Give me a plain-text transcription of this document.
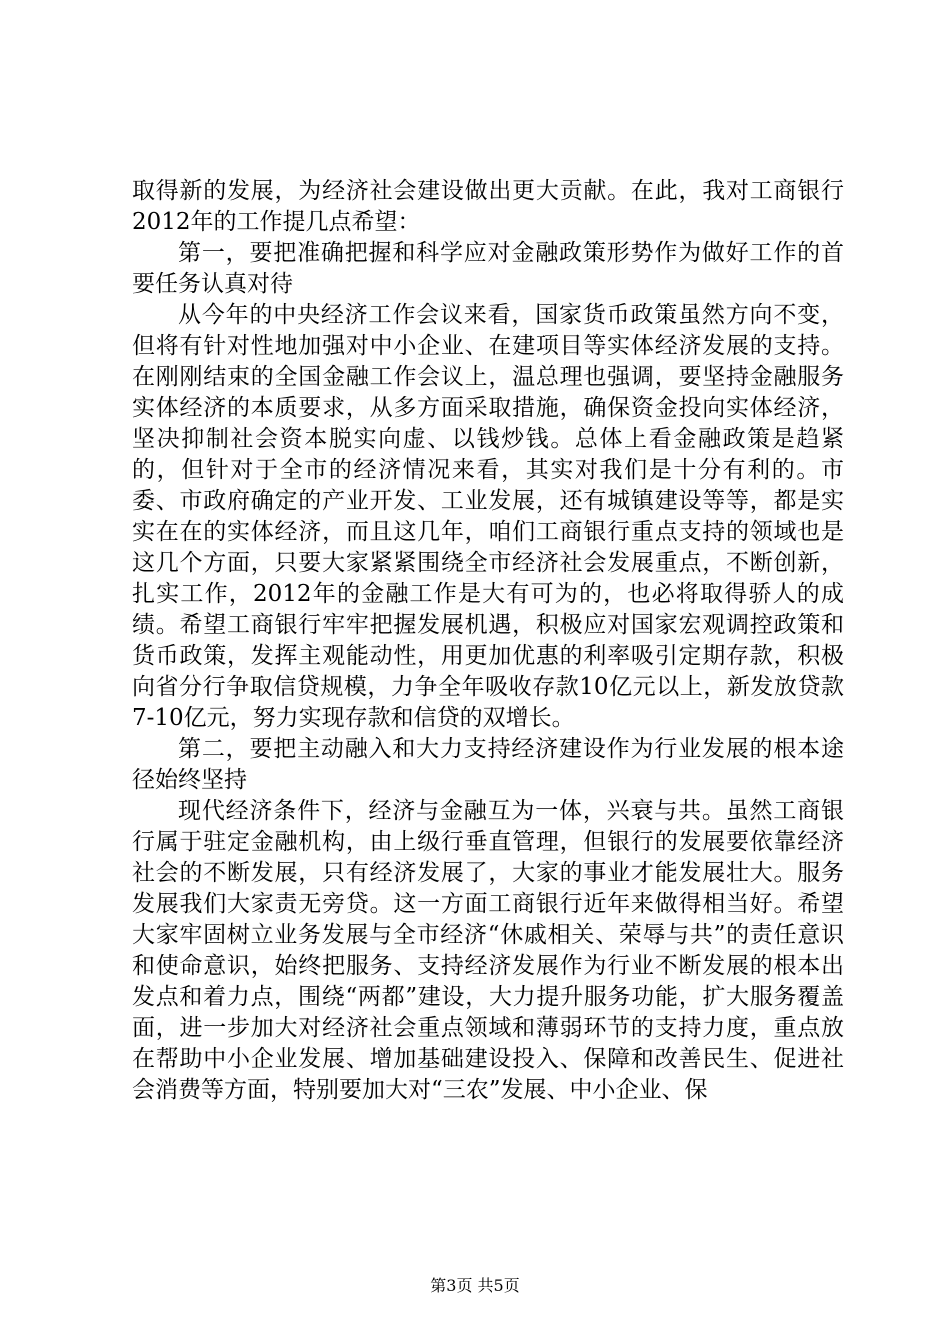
取得新的发展，为经济社会建设做出更大贡献。在此，我对工商银行2012年的工作提几点希望：

第一，要把准确把握和科学应对金融政策形势作为做好工作的首要任务认真对待

从今年的中央经济工作会议来看，国家货币政策虽然方向不变，但将有针对性地加强对中小企业、在建项目等实体经济发展的支持。在刚刚结束的全国金融工作会议上，温总理也强调，要坚持金融服务实体经济的本质要求，从多方面采取措施，确保资金投向实体经济，坚决抑制社会资本脱实向虚、以钱炒钱。总体上看金融政策是趋紧的，但针对于全市的经济情况来看，其实对我们是十分有利的。市委、市政府确定的产业开发、工业发展，还有城镇建设等等，都是实实在在的实体经济，而且这几年，咱们工商银行重点支持的领域也是这几个方面，只要大家紧紧围绕全市经济社会发展重点，不断创新，扎实工作，2012年的金融工作是大有可为的，也必将取得骄人的成绩。希望工商银行牢牢把握发展机遇，积极应对国家宏观调控政策和货币政策，发挥主观能动性，用更加优惠的利率吸引定期存款，积极向省分行争取信贷规模，力争全年吸收存款10亿元以上，新发放贷款7-10亿元，努力实现存款和信贷的双增长。

第二，要把主动融入和大力支持经济建设作为行业发展的根本途径始终坚持

现代经济条件下，经济与金融互为一体，兴衰与共。虽然工商银行属于驻定金融机构，由上级行垂直管理，但银行的发展要依靠经济社会的不断发展，只有经济发展了，大家的事业才能发展壮大。服务发展我们大家责无旁贷。这一方面工商银行近年来做得相当好。希望大家牢固树立业务发展与全市经济“休戚相关、荣辱与共”的责任意识和使命意识，始终把服务、支持经济发展作为行业不断发展的根本出发点和着力点，围绕“两都”建设，大力提升服务功能，扩大服务覆盖面，进一步加大对经济社会重点领域和薄弱环节的支持力度，重点放在帮助中小企业发展、增加基础建设投入、保障和改善民生、促进社会消费等方面，特别要加大对“三农”发展、中小企业、保

第3页 共5页
